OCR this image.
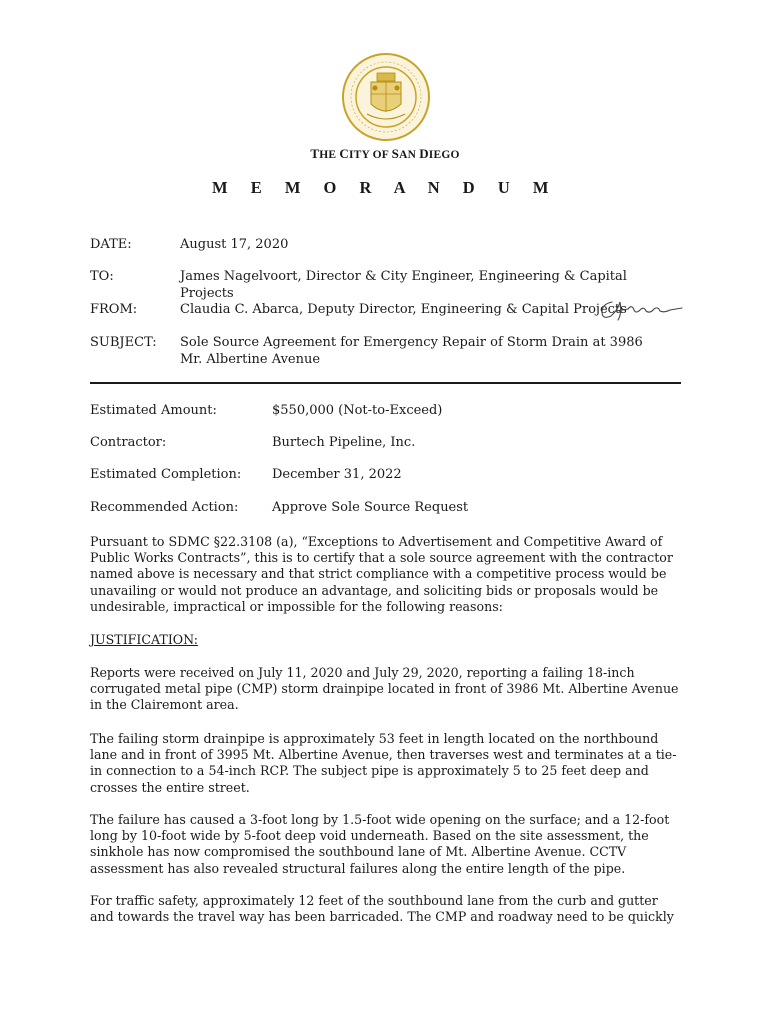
THE CITY OF SAN DIEGO
M E M O R A N D U M
DATE:	August 17, 2020
TO:	James Nagelvoort, Director & City Engineer, Engineering & Capital Projects
FROM:	Claudia C. Abarca, Deputy Director, Engineering & Capital Projects
SUBJECT:	Sole Source Agreement for Emergency Repair of Storm Drain at 3986 Mr. Albertine Avenue
Estimated Amount:	$550,000 (Not-to-Exceed)
Contractor:	Burtech Pipeline, Inc.
Estimated Completion:	December 31, 2022
Recommended Action:	Approve Sole Source Request

Pursuant to SDMC §22.3108 (a), “Exceptions to Advertisement and Competitive Award of Public Works Contracts”, this is to certify that a sole source agreement with the contractor named above is necessary and that strict compliance with a competitive process would be unavailing or would not produce an advantage, and soliciting bids or proposals would be undesirable, impractical or impossible for the following reasons:

JUSTIFICATION:

Reports were received on July 11, 2020 and July 29, 2020, reporting a failing 18-inch corrugated metal pipe (CMP) storm drainpipe located in front of 3986 Mt. Albertine Avenue in the Clairemont area.

The failing storm drainpipe is approximately 53 feet in length located on the northbound lane and in front of 3995 Mt. Albertine Avenue, then traverses west and terminates at a tie-in connection to a 54-inch RCP. The subject pipe is approximately 5 to 25 feet deep and crosses the entire street.

The failure has caused a 3-foot long by 1.5-foot wide opening on the surface; and a 12-foot long by 10-foot wide by 5-foot deep void underneath. Based on the site assessment, the sinkhole has now compromised the southbound lane of Mt. Albertine Avenue. CCTV assessment has also revealed structural failures along the entire length of the pipe.

For traffic safety, approximately 12 feet of the southbound lane from the curb and gutter and towards the travel way has been barricaded. The CMP and roadway need to be quickly
